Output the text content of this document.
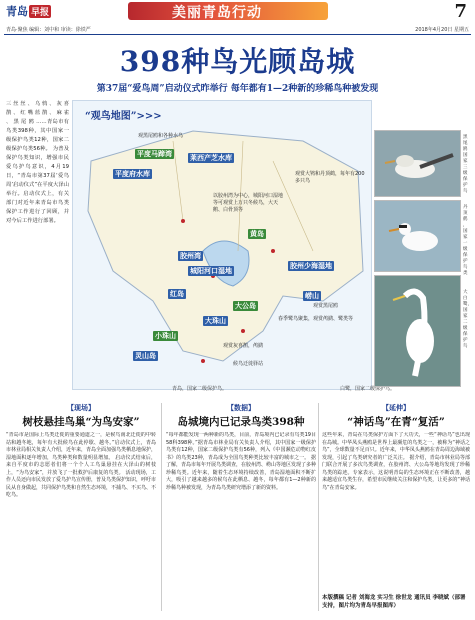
青岛 早报	美丽青岛行动	7
青岛·聚焦 编辑：刘中和 审读：徐铁严	2018年4月20日 星期五
398种鸟光顾岛城
第37届“爱鸟周”启动仪式昨举行 每年都有1—2种新的珍稀鸟种被发现
三 丝 丝 、 乌 鸫 、 灰 喜 鹊 、 红 嘴 蓝 鹊 、 麻 雀 、 黑 尾 鸥 ……青岛市有鸟类398种，其中国家一级保护鸟类12种，国家二级保护鸟类56种。 为普及保护鸟类知识，增强市民爱鸟护鸟意识，4月19日，“青岛市第37届‘爱鸟周’启动仪式”在平度大泽山举行。启动仪式上，有关部门对近年来青岛市鸟类保护工作进行了回顾，并对今后工作进行部署。
“观鸟地图”>>>
平度马蹄湾	莱西产芝水库
平度府水库
胶州湾
胶州少海湿地
城阳河口湿地
红岛
黄岛
崂山
大公岛
大珠山
小珠山
灵山岛
观黑尾鸥和各种水鸟
观赏大鸨和丹顶鹤，每年有200多只鸟
以胶州湾为中心，城阳河口湿地等可观赏上万只冬候鸟，大天鹅、白骨顶等
观赏黑尾鸥
春季鹭鸟聚集，观赏鸬鹚、鹭类等
观赏灰喜鹊，鸬鹚
候鸟迁徙驿站
青岛，国家二级保护鸟。	白鹭，国家二级保护鸟。
黑尾鸥 国家三级保护鸟
丹顶鹤 ，国家一级保护鸟类
大白鹭，国家二级保护鸟
【现场】
树枝悬挂鸟巢“为鸟安家”

“青岛市是国际上鸟类迁徙的重要通道之一，是候鸟南北迁徙的中转站和越冬地，每年有大批候鸟在此停歇、越冬。”启动仪式上，青岛市林业局相关负责人介绍，近年来，青岛全面加强鸟类栖息地保护，湿地面积逐年增加，鸟类种类和数量明显增加。 启动仪式结束后，来自平度市的志愿者们将一个个人工鸟巢悬挂在大泽山的树枝上，“为鸟安家”，并放飞了一批救护后康复的鸟类。 活动现场，工作人员还向市民发放了爱鸟护鸟宣传册，普及鸟类保护知识，呼吁市民从自身做起，共同保护鸟类和自然生态环境，不捕鸟、不买鸟、不吃鸟。

【数据】
岛城境内已记录鸟类398种

“每年都能发现一两种新的鸟类，目前，青岛境内已记录有鸟类19目58科398种。”据青岛市林业局有关负责人介绍，其中国家一级保护鸟类有12种，国家二级保护鸟类有56种，列入《中国濒危动物红皮书》的鸟类23种，青岛成为全国鸟类种类比较丰富的城市之一。 据了解，青岛市每年开展鸟类调查，在胶州湾、崂山等地区发现了多种珍稀鸟类。近年来，随着生态环境持续改善，青岛湿地面积不断扩大，吸引了越来越多的候鸟在此栖息、越冬，每年都有1—2种新的珍稀鸟种被发现，为青岛鸟类研究增添了新的资料。

【延伸】
“神话鸟”在青“复活”

这些年来，青岛在鸟类保护方面下了大功夫，一些“神话鸟”也出现在岛城。中华凤头燕鸥是世界上最濒危的鸟类之一，被称为“神话之鸟”，全球数量不足百只。近年来，中华凤头燕鸥在青岛周边海域被发现，引起了鸟类研究者的广泛关注。 据介绍，青岛市林业局等部门联合开展了多次鸟类调查，在胶州湾、大公岛等地均发现了珍稀鸟类的踪迹。专家表示，这说明青岛的生态环境正在不断改善，越来越适宜鸟类生存，希望市民继续关注和保护鸟类，让更多的“神话鸟”在青岛安家。

本版撰稿 记者 刘海龙 实习生 徐世龙 通讯员 李晓斌（部署支持，图片均为青岛早报图库）
